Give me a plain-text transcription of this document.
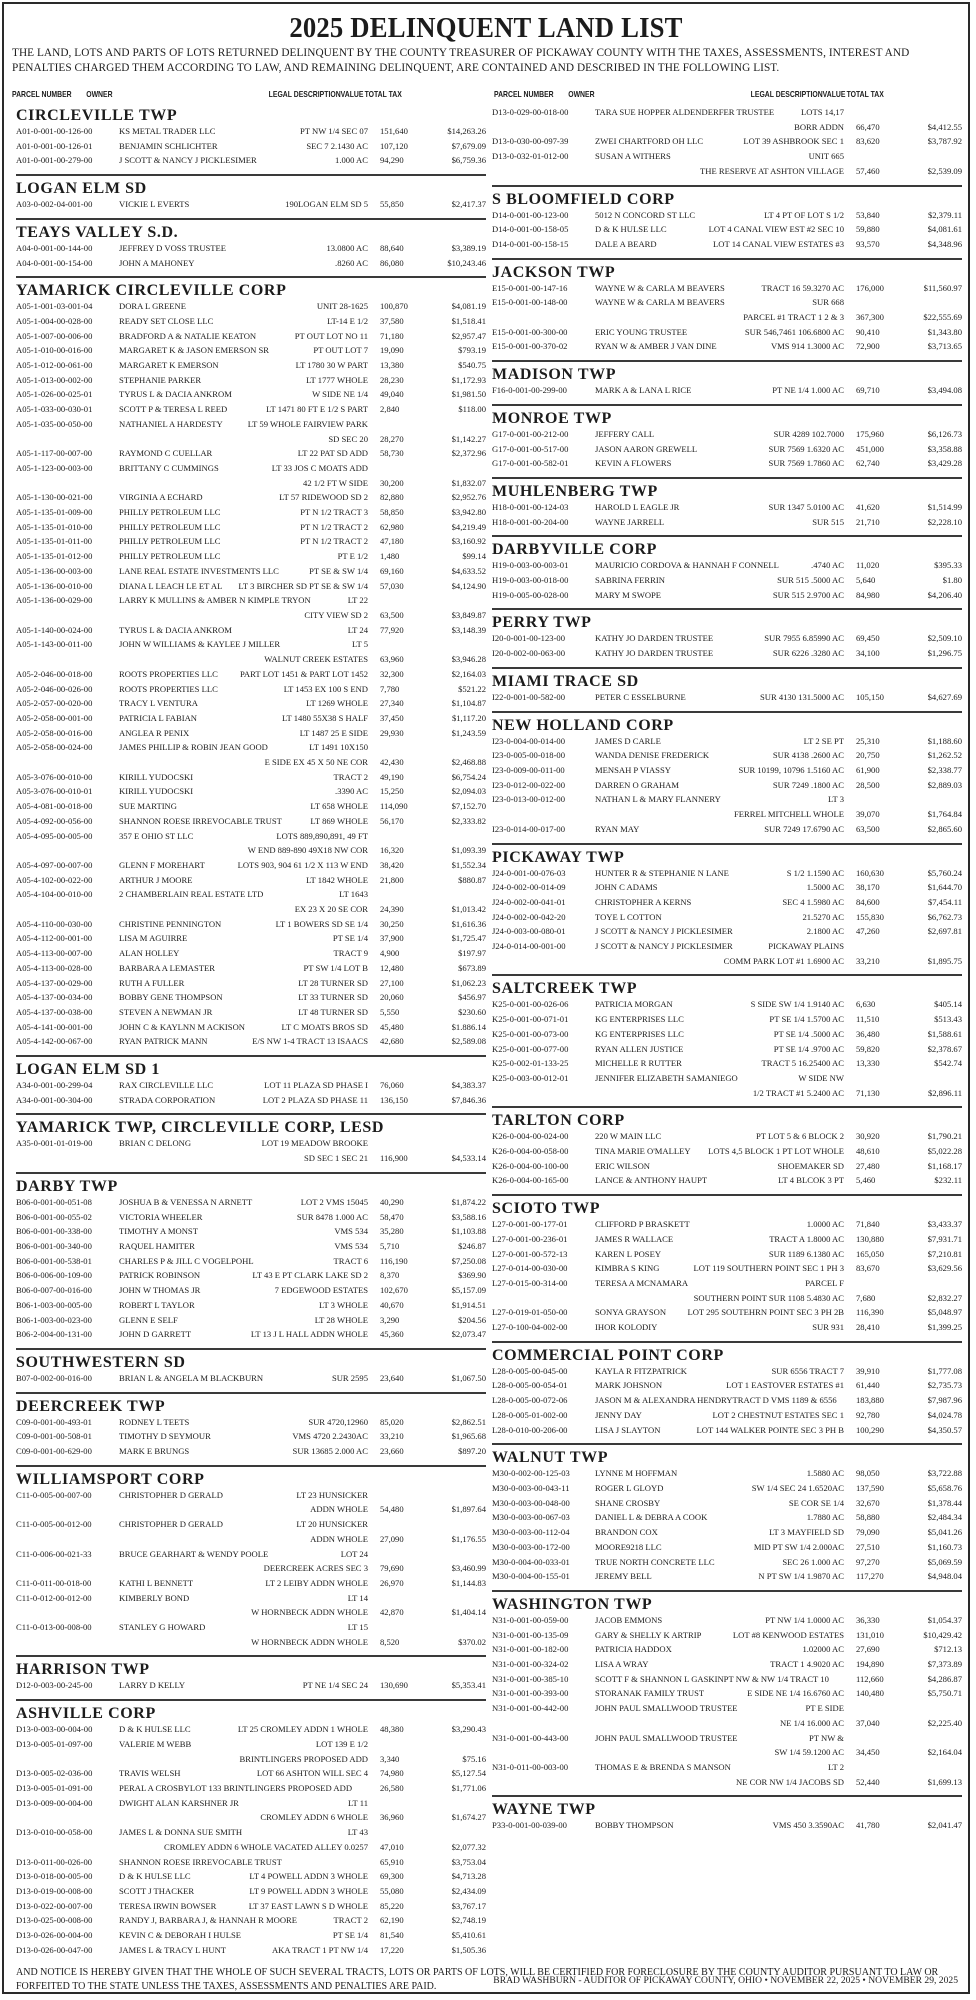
2025 DELINQUENT LAND LIST
THE LAND, LOTS AND PARTS OF LOTS RETURNED DELINQUENT BY THE COUNTY TREASURER OF PICKAWAY COUNTY WITH THE TAXES, ASSESSMENTS, INTEREST AND PENALTIES CHARGED THEM ACCORDING TO LAW, AND REMAINING DELINQUENT, ARE CONTAINED AND DESCRIBED IN THE FOLLOWING LIST.
PARCEL NUMBER	OWNER	LEGAL DESCRIPTION VALUE TOTAL TAX	PARCEL NUMBER	OWNER	LEGAL DESCRIPTION VALUE TOTAL TAX
CIRCLEVILLE TWP
A01-0-001-00-126-00	KS METAL TRADER LLC	PT NW 1/4 SEC 07	151,640	$14,263.26
A01-0-001-00-126-01	BENJAMIN SCHLICHTER	SEC 7 2.1430 AC	107,120	$7,679.09
A01-0-001-00-279-00	J SCOTT & NANCY J PICKLESIMER	1.000 AC	94,290	$6,759.36
LOGAN ELM SD
A03-0-002-04-001-00	VICKIE L EVERTS	190LOGAN ELM SD 5	55,850	$2,417.37
TEAYS VALLEY S.D.
A04-0-001-00-144-00	JEFFREY D VOSS TRUSTEE	13.0800 AC	88,640	$3,389.19
A04-0-001-00-154-00	JOHN A MAHONEY	.8260 AC	86,080	$10,243.46
YAMARICK CIRCLEVILLE CORP
A05-1-001-03-001-04	DORA L GREENE	UNIT 28-1625	100,870	$4,081.19
A05-1-004-00-028-00	READY SET CLOSE LLC	LT-14 E 1/2	37,580	$1,518.41
A05-1-007-00-006-00	BRADFORD A & NATALIE KEATON	PT OUT LOT NO 11	71,180	$2,957.47
A05-1-010-00-016-00	MARGARET K & JASON EMERSON SR	PT OUT LOT 7	19,090	$793.19
A05-1-012-00-061-00	MARGARET K EMERSON	LT 1780 30 W PART	13,380	$540.75
A05-1-013-00-002-00	STEPHANIE PARKER	LT 1777 WHOLE	28,230	$1,172.93
A05-1-026-00-025-01	TYRUS L & DACIA ANKROM	W SIDE NE 1/4	49,040	$1,981.50
A05-1-033-00-030-01	SCOTT P & TERESA L REED	LT 1471 80 FT E 1/2 S PART	2,840	$118.00
A05-1-035-00-050-00	NATHANIEL A HARDESTY	LT 59 WHOLE FAIRVIEW PARK
SD SEC 20	28,270	$1,142.27
A05-1-117-00-007-00	RAYMOND C CUELLAR	LT 22 PAT SD ADD	58,730	$2,372.96
A05-1-123-00-003-00	BRITTANY C CUMMINGS	LT 33 JOS C MOATS ADD
42 1/2 FT W SIDE	30,200	$1,832.07
A05-1-130-00-021-00	VIRGINIA A ECHARD	LT 57 RIDEWOOD SD 2	82,880	$2,952.76
A05-1-135-01-009-00	PHILLY PETROLEUM LLC	PT N 1/2 TRACT 3	58,850	$3,942.80
A05-1-135-01-010-00	PHILLY PETROLEUM LLC	PT N 1/2 TRACT 2	62,980	$4,219.49
A05-1-135-01-011-00	PHILLY PETROLEUM LLC	PT N 1/2 TRACT 2	47,180	$3,160.92
A05-1-135-01-012-00	PHILLY PETROLEUM LLC	PT E 1/2	1,480	$99.14
A05-1-136-00-003-00	LANE REAL ESTATE INVESTMENTS LLC	PT SE & SW 1/4	69,160	$4,633.52
A05-1-136-00-010-00	DIANA L LEACH LE ET AL	LT 3 BIRCHER SD PT SE & SW 1/4	57,030	$4,124.90
A05-1-136-00-029-00	LARRY K MULLINS & AMBER N KIMPLE TRYON	LT 22
CITY VIEW SD 2	63,500	$3,849.87
A05-1-140-00-024-00	TYRUS L & DACIA ANKROM	LT 24	77,920	$3,148.39
A05-1-143-00-011-00	JOHN W WILLIAMS & KAYLEE J MILLER	LT 5
WALNUT CREEK ESTATES	63,960	$3,946.28
A05-2-046-00-018-00	ROOTS PROPERTIES LLC	PART LOT 1451 & PART LOT 1452	32,300	$2,164.03
A05-2-046-00-026-00	ROOTS PROPERTIES LLC	LT 1453 EX 100 S END	7,780	$521.22
A05-2-057-00-020-00	TRACY L VENTURA	LT 1269 WHOLE	27,340	$1,104.87
A05-2-058-00-001-00	PATRICIA L FABIAN	LT 1480 55X38 S HALF	37,450	$1,117.20
A05-2-058-00-016-00	ANGLEA R PENIX	LT 1487 25 E SIDE	29,930	$1,243.59
A05-2-058-00-024-00	JAMES PHILLIP & ROBIN JEAN GOOD	LT 1491 10X150
E SIDE EX 45 X 50 NE COR	42,430	$2,468.88
A05-3-076-00-010-00	KIRILL YUDOCSKI	TRACT 2	49,190	$6,754.24
A05-3-076-00-010-01	KIRILL YUDOCSKI	.3390 AC	15,250	$2,094.03
A05-4-081-00-018-00	SUE MARTING	LT 658 WHOLE	114,090	$7,152.70
A05-4-092-00-056-00	SHANNON ROESE IRREVOCABLE TRUST	LT 869 WHOLE	56,170	$2,333.82
A05-4-095-00-005-00	357 E OHIO ST LLC	LOTS 889,890,891, 49 FT
W END 889-890 49X18 NW COR	16,320	$1,093.39
A05-4-097-00-007-00	GLENN F MOREHART	LOTS 903, 904 61 1/2 X 113 W END	38,420	$1,552.34
A05-4-102-00-022-00	ARTHUR J MOORE	LT 1842 WHOLE	21,800	$880.87
A05-4-104-00-010-00	2 CHAMBERLAIN REAL ESTATE LTD	LT 1643
EX 23 X 20 SE COR	24,390	$1,013.42
A05-4-110-00-030-00	CHRISTINE PENNINGTON	LT 1 BOWERS SD SE 1/4	30,250	$1,616.36
A05-4-112-00-001-00	LISA M AGUIRRE	PT SE 1/4	37,900	$1,725.47
A05-4-113-00-007-00	ALAN HOLLEY	TRACT 9	4,900	$197.97
A05-4-113-00-028-00	BARBARA A LEMASTER	PT SW 1/4 LOT B	12,480	$673.89
A05-4-137-00-029-00	RUTH A FULLER	LT 28 TURNER SD	27,100	$1,062.23
A05-4-137-00-034-00	BOBBY GENE THOMPSON	LT 33 TURNER SD	20,060	$456.97
A05-4-137-00-038-00	STEVEN A NEWMAN JR	LT 48 TURNER SD	5,550	$230.60
A05-4-141-00-001-00	JOHN C & KAYLNN M ACKISON	LT C MOATS BROS SD	45,480	$1.886.14
A05-4-142-00-067-00	RYAN PATRICK MANN	E/S NW 1-4 TRACT 13 ISAACS	42,680	$2,589.08
LOGAN ELM SD 1
A34-0-001-00-299-04	RAX CIRCLEVILLE LLC	LOT 11 PLAZA SD PHASE I	76,060	$4,383.37
A34-0-001-00-304-00	STRADA CORPORATION	LOT 2 PLAZA SD PHASE 11	136,150	$7,846.36
YAMARICK TWP, CIRCLEVILLE CORP, LESD
A35-0-001-01-019-00	BRIAN C DELONG	LOT 19 MEADOW BROOKE
SD SEC 1 SEC 21	116,900	$4,533.14
DARBY TWP
B06-0-001-00-051-08	JOSHUA B & VENESSA N ARNETT	LOT 2 VMS 15045	40,290	$1,874.22
B06-0-001-00-055-02	VICTORIA WHEELER	SUR 8478 1.000 AC	58,470	$3,588.16
B06-0-001-00-338-00	TIMOTHY A MONST	VMS 534	35,280	$1,103.88
B06-0-001-00-340-00	RAQUEL HAMITER	VMS 534	5,710	$246.87
B06-0-001-00-538-01	CHARLES P & JILL C VOGELPOHL	TRACT 6	116,190	$7,250.08
B06-0-006-00-109-00	PATRICK ROBINSON	LT 43 E PT CLARK LAKE SD 2	8,370	$369.90
B06-0-007-00-016-00	JOHN W THOMAS JR	7 EDGEWOOD ESTATES	102,670	$5,157.09
B06-1-003-00-005-00	ROBERT L TAYLOR	LT 3 WHOLE	40,670	$1,914.51
B06-1-003-00-023-00	GLENN E SELF	LT 28 WHOLE	3,290	$204.56
B06-2-004-00-131-00	JOHN D GARRETT	LT 13 J L HALL ADDN WHOLE	45,360	$2,073.47
SOUTHWESTERN SD
B07-0-002-00-016-00	BRIAN L & ANGELA M BLACKBURN	SUR 2595	23,640	$1,067.50
DEERCREEK TWP
C09-0-001-00-493-01	RODNEY L TEETS	SUR 4720,12960	85,020	$2,862.51
C09-0-001-00-508-01	TIMOTHY D SEYMOUR	VMS 4720 2.2430AC	33,210	$1,965.68
C09-0-001-00-629-00	MARK E BRUNGS	SUR 13685 2.000 AC	23,660	$897.20
WILLIAMSPORT CORP
C11-0-005-00-007-00	CHRISTOPHER D GERALD	LT 23 HUNSICKER
ADDN WHOLE	54,480	$1,897.64
C11-0-005-00-012-00	CHRISTOPHER D GERALD	LT 20 HUNSICKER
ADDN WHOLE	27,090	$1,176.55
C11-0-006-00-021-33	BRUCE GEARHART & WENDY POOLE	LOT 24
DEERCREEK ACRES SEC 3	79,690	$3,460.99
C11-0-011-00-018-00	KATHI L BENNETT	LT 2 LEIBY ADDN WHOLE	26,970	$1,144.83
C11-0-012-00-012-00	KIMBERLY BOND	LT 14
W HORNBECK ADDN WHOLE	42,870	$1,404.14
C11-0-013-00-008-00	STANLEY G HOWARD	LT 15
W HORNBECK ADDN WHOLE	8,520	$370.02
HARRISON TWP
D12-0-003-00-245-00	LARRY D KELLY	PT NE 1/4 SEC 24	130,690	$5,353.41
ASHVILLE CORP
D13-0-003-00-004-00	D & K HULSE LLC	LT 25 CROMLEY ADDN 1 WHOLE	48,380	$3,290.43
D13-0-005-01-097-00	VALERIE M WEBB	LOT 139 E 1/2
BRINTLINGERS PROPOSED ADD	3,340	$75.16
D13-0-005-02-036-00	TRAVIS WELSH	LOT 66 ASHTON WILL SEC 4	74,980	$5,127.54
D13-0-005-01-091-00	PERAL A CROSBYLOT 133 BRINTLINGERS PROPOSED ADD	26,580	$1,771.06
D13-0-009-00-004-00	DWIGHT ALAN KARSHNER JR	LT 11
CROMLEY ADDN 6 WHOLE	36,960	$1,674.27
D13-0-010-00-058-00	JAMES L & DONNA SUE SMITH	LT 43
CROMLEY ADDN 6 WHOLE VACATED ALLEY 0.0257	47,010	$2,077.32
D13-0-011-00-026-00	SHANNON ROESE IRREVOCABLE TRUST	65,910	$3,753.04
D13-0-018-00-005-00	D & K HULSE LLC	LT 4 POWELL ADDN 3 WHOLE	69,300	$4,713.28
D13-0-019-00-008-00	SCOTT J THACKER	LT 9 POWELL ADDN 3 WHOLE	55,080	$2,434.09
D13-0-022-00-007-00	TERESA IRWIN BOWSER	LT 37 EAST LAWN S D WHOLE	85,220	$3,767.17
D13-0-025-00-008-00	RANDY J, BARBARA J, & HANNAH R MOORE	TRACT 2	62,190	$2,748.19
D13-0-026-00-004-00	KEVIN C & DEBORAH I HULSE	PT SE 1/4	81,540	$5,410.61
D13-0-026-00-047-00	JAMES L & TRACY L HUNT	AKA TRACT 1 PT NW 1/4	17,220	$1,505.36
D13-0-029-00-018-00	TARA SUE HOPPER ALDENDERFER TRUSTEE	LOTS 14,17
BORR ADDN	66,470	$4,412.55
D13-0-030-00-097-39	ZWEI CHARTFORD OH LLC	LOT 39 ASHBROOK SEC 1	83,620	$3,787.92
D13-0-032-01-012-00	SUSAN A WITHERS	UNIT 665
THE RESERVE AT ASHTON VILLAGE	57,460	$2,539.09
S BLOOMFIELD CORP
D14-0-001-00-123-00	5012 N CONCORD ST LLC	LT 4 PT OF LOT S 1/2	53,840	$2,379.11
D14-0-001-00-158-05	D & K HULSE LLC	LOT 4 CANAL VIEW EST #2 SEC 10	59,880	$4,081.61
D14-0-001-00-158-15	DALE A BEARD	LOT 14 CANAL VIEW ESTATES #3	93,570	$4,348.96
JACKSON TWP
E15-0-001-00-147-16	WAYNE W & CARLA M BEAVERS	TRACT 16 59.3270 AC	176,000	$11,560.97
E15-0-001-00-148-00	WAYNE W & CARLA M BEAVERS	SUR 668
PARCEL #1 TRACT 1 2 & 3	367,300	$22,555.69
E15-0-001-00-300-00	ERIC YOUNG TRUSTEE	SUR 546,7461 106.6800 AC	90,410	$1,343.80
E15-0-001-00-370-02	RYAN W & AMBER J VAN DINE	VMS 914 1.3000 AC	72,900	$3,713.65
MADISON TWP
F16-0-001-00-299-00	MARK A & LANA L RICE	PT NE 1/4 1.000 AC	69,710	$3,494.08
MONROE TWP
G17-0-001-00-212-00	JEFFERY CALL	SUR 4289 102.7000	175,960	$6,126.73
G17-0-001-00-517-00	JASON AARON GREWELL	SUR 7569 1.6320 AC	451,000	$3,358.88
G17-0-001-00-582-01	KEVIN A FLOWERS	SUR 7569 1.7860 AC	62,740	$3,429.28
MUHLENBERG TWP
H18-0-001-00-124-03	HAROLD L EAGLE JR	SUR 1347 5.0100 AC	41,620	$1,514.99
H18-0-001-00-204-00	WAYNE JARRELL	SUR 515	21,710	$2,228.10
DARBYVILLE CORP
H19-0-003-00-003-01	MAURICIO CORDOVA & HANNAH F CONNELL	.4740 AC	11,020	$395.33
H19-0-003-00-018-00	SABRINA FERRIN	SUR 515 .5000 AC	5,640	$1.80
H19-0-005-00-028-00	MARY M SWOPE	SUR 515 2.9700 AC	84,980	$4,206.40
PERRY TWP
I20-0-001-00-123-00	KATHY JO DARDEN TRUSTEE	SUR 7955 6.85990 AC	69,450	$2,509.10
I20-0-002-00-063-00	KATHY JO DARDEN TRUSTEE	SUR 6226 .3280 AC	34,100	$1,296.75
MIAMI TRACE SD
I22-0-001-00-582-00	PETER C ESSELBURNE	SUR 4130 131.5000 AC	105,150	$4,627.69
NEW HOLLAND CORP
I23-0-004-00-014-00	JAMES D CARLE	LT 2 SE PT	25,310	$1,188.60
I23-0-005-00-018-00	WANDA DENISE FREDERICK	SUR 4138 .2600 AC	20,750	$1,262.52
I23-0-009-00-011-00	MENSAH P VIASSY	SUR 10199, 10796 1.5160 AC	61,900	$2,338.77
I23-0-012-00-022-00	DARREN O GRAHAM	SUR 7249 .1800 AC	28,500	$2,889.03
I23-0-013-00-012-00	NATHAN L & MARY FLANNERY	LT 3
FERREL MITCHELL WHOLE	39,070	$1,764.84
I23-0-014-00-017-00	RYAN MAY	SUR 7249 17.6790 AC	63,500	$2,865.60
PICKAWAY TWP
J24-0-001-00-076-03	HUNTER R & STEPHANIE N LANE	S 1/2 1.1590 AC	160,630	$5,760.24
J24-0-002-00-014-09	JOHN C ADAMS	1.5000 AC	38,170	$1,644.70
J24-0-002-00-041-01	CHRISTOPHER A KERNS	SEC 4 1.5980 AC	84,600	$7,454.11
J24-0-002-00-042-20	TOYE L COTTON	21.5270 AC	155,830	$6,762.73
J24-0-003-00-080-01	J SCOTT & NANCY J PICKLESIMER	2.1800 AC	47,260	$2,697.81
J24-0-014-00-001-00	J SCOTT & NANCY J PICKLESIMER	PICKAWAY PLAINS
COMM PARK LOT #1 1.6900 AC	33,210	$1,895.75
SALTCREEK TWP
K25-0-001-00-026-06	PATRICIA MORGAN	S SIDE SW 1/4 1.9140 AC	6,630	$405.14
K25-0-001-00-071-01	KG ENTERPRISES LLC	PT SE 1/4 1.5700 AC	11,510	$513.43
K25-0-001-00-073-00	KG ENTERPRISES LLC	PT SE 1/4 .5000 AC	36,480	$1,588.61
K25-0-001-00-077-00	RYAN ALLEN JUSTICE	PT SE 1/4 .9700 AC	59,820	$2,378.67
K25-0-002-01-133-25	MICHELLE R RUTTER	TRACT 5 16.25400 AC	13,330	$542.74
K25-0-003-00-012-01	JENNIFER ELIZABETH SAMANIEGO	W SIDE NW
1/2 TRACT #1 5.2400 AC	71,130	$2,896.11
TARLTON CORP
K26-0-004-00-024-00	220 W MAIN LLC	PT LOT 5 & 6 BLOCK 2	30,920	$1,790.21
K26-0-004-00-058-00	TINA MARIE O'MALLEY	LOTS 4,5 BLOCK 1 PT LOT WHOLE	48,610	$5,022.28
K26-0-004-00-100-00	ERIC WILSON	SHOEMAKER SD	27,480	$1,168.17
K26-0-004-00-165-00	LANCE & ANTHONY HAUPT	LT 4 BLCOK 3 PT	5,460	$232.11
SCIOTO TWP
L27-0-001-00-177-01	CLIFFORD P BRASKETT	1.0000 AC	71,840	$3,433.37
L27-0-001-00-236-01	JAMES R WALLACE	TRACT A 1.8000 AC	130,880	$7,931.71
L27-0-001-00-572-13	KAREN L POSEY	SUR 1189 6.1380 AC	165,050	$7,210.81
L27-0-014-00-030-00	KIMBRA S KING	LOT 119 SOUTHERN POINT SEC 1 PH 3	83,670	$3,629.56
L27-0-015-00-314-00	TERESA A MCNAMARA	PARCEL F
SOUTHERN POINT SUR 1108 5.4830 AC	7,680	$2,832.27
L27-0-019-01-050-00	SONYA GRAYSON	LOT 295 SOUTEHRN POINT SEC 3 PH 2B	116,390	$5,048.97
L27-0-100-04-002-00	IHOR KOLODIY	SUR 931	28,410	$1,399.25
COMMERCIAL POINT CORP
L28-0-005-00-045-00	KAYLA R FITZPATRICK	SUR 6556 TRACT 7	39,910	$1,777.08
L28-0-005-00-054-01	MARK JOHSNON	LOT 1 EASTOVER ESTATES #1	61,440	$2,735.73
L28-0-005-00-072-06	JASON M & ALEXANDRA HENDRYTRACT D VMS 1189 & 6556	183,880	$7,987.96
L28-0-005-01-002-00	JENNY DAY	LOT 2 CHESTNUT ESTATES SEC 1	92,780	$4,024.78
L28-0-010-00-206-00	LISA J SLAYTON	LOT 144 WALKER POINTE SEC 3 PH B	100,290	$4,350.57
WALNUT TWP
M30-0-002-00-125-03	LYNNE M HOFFMAN	1.5880 AC	98,050	$3,722.88
M30-0-003-00-043-11	ROGER L GLOYD	SW 1/4 SEC 24 1.6520AC	137,590	$5,658.76
M30-0-003-00-048-00	SHANE CROSBY	SE COR SE 1/4	32,670	$1,378.44
M30-0-003-00-067-03	DANIEL L & DEBRA A COOK	1.7880 AC	58,880	$2,484.34
M30-0-003-00-112-04	BRANDON COX	LT 3 MAYFIELD SD	79,090	$5,041.26
M30-0-003-00-172-00	MOORE9218 LLC	MID PT SW 1/4 2.000AC	27,510	$1,160.73
M30-0-004-00-033-01	TRUE NORTH CONCRETE LLC	SEC 26 1.000 AC	97,270	$5,069.59
M30-0-004-00-155-01	JEREMY BELL	N PT SW 1/4 1.9870 AC	117,270	$4,948.04
WASHINGTON TWP
N31-0-001-00-059-00	JACOB EMMONS	PT NW 1/4 1.0000 AC	36,330	$1,054.37
N31-0-001-00-135-09	GARY & SHELLY K ARTRIP	LOT #8 KENWOOD ESTATES	131,010	$10,429.42
N31-0-001-00-182-00	PATRICIA HADDOX	1.02000 AC	27,690	$712.13
N31-0-001-00-324-02	LISA A WRAY	TRACT 1 4.9020 AC	194,890	$7,373.89
N31-0-001-00-385-10	SCOTT F & SHANNON L GASKINPT NW & NW 1/4 TRACT 10	112,660	$4,286.87
N31-0-001-00-393-00	STORANAK FAMILY TRUST	E SIDE NE 1/4 16.6760 AC	140,480	$5,750.71
N31-0-001-00-442-00	JOHN PAUL SMALLWOOD TRUSTEE	PT E SIDE
NE 1/4 16.000 AC	37,040	$2,225.40
N31-0-001-00-443-00	JOHN PAUL SMALLWOOD TRUSTEE	PT NW &
SW 1/4 59.1200 AC	34,450	$2,164.04
N31-0-011-00-003-00	THOMAS E & BRENDA S MANSON	LT 2
NE COR NW 1/4 JACOBS SD	52,440	$1,699.13
WAYNE TWP
P33-0-001-00-039-00	BOBBY THOMPSON	VMS 450 3.3590AC	41,780	$2,041.47
AND NOTICE IS HEREBY GIVEN THAT THE WHOLE OF SUCH SEVERAL TRACTS, LOTS OR PARTS OF LOTS, WILL BE CERTIFIED FOR FORECLOSURE BY THE COUNTY AUDITOR PURSUANT TO LAW OR FORFEITED TO THE STATE UNLESS THE TAXES, ASSESSMENTS AND PENALTIES ARE PAID.
BRAD WASHBURN - AUDITOR OF PICKAWAY COUNTY, OHIO • NOVEMBER 22, 2025 • NOVEMBER 29, 2025
